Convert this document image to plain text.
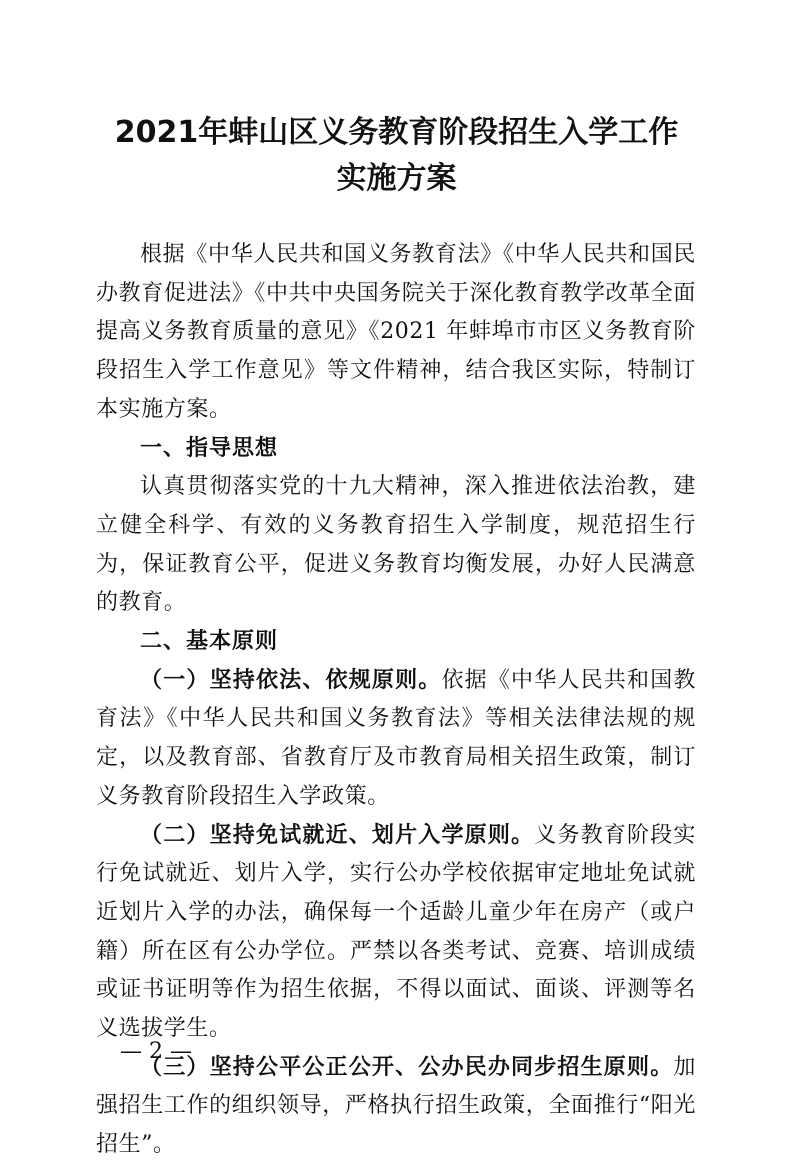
2021年蚌山区义务教育阶段招生入学工作
实施方案

根据《中华人民共和国义务教育法》《中华人民共和国民办教育促进法》《中共中央国务院关于深化教育教学改革全面提高义务教育质量的意见》《2021 年蚌埠市市区义务教育阶段招生入学工作意见》等文件精神，结合我区实际，特制订本实施方案。

一、指导思想

认真贯彻落实党的十九大精神，深入推进依法治教，建立健全科学、有效的义务教育招生入学制度，规范招生行为，保证教育公平，促进义务教育均衡发展，办好人民满意的教育。

二、基本原则

（一）坚持依法、依规原则。依据《中华人民共和国教育法》《中华人民共和国义务教育法》等相关法律法规的规定，以及教育部、省教育厅及市教育局相关招生政策，制订义务教育阶段招生入学政策。

（二）坚持免试就近、划片入学原则。义务教育阶段实行免试就近、划片入学，实行公办学校依据审定地址免试就近划片入学的办法，确保每一个适龄儿童少年在房产（或户籍）所在区有公办学位。严禁以各类考试、竞赛、培训成绩或证书证明等作为招生依据，不得以面试、面谈、评测等名义选拔学生。

（三）坚持公平公正公开、公办民办同步招生原则。加强招生工作的组织领导，严格执行招生政策，全面推行“阳光招生”。

— 2 —
